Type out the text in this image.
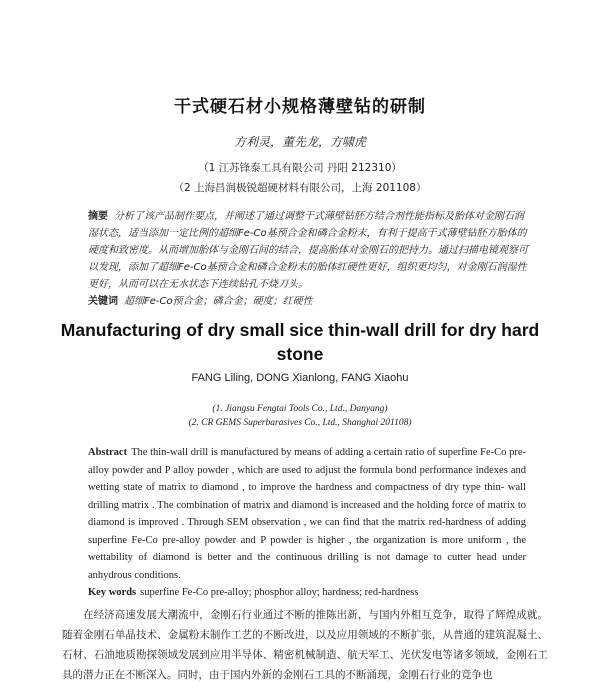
干式硬石材小规格薄壁钻的研制
方利灵，董先龙，方啸虎
（1 江苏锋泰工具有限公司 丹阳 212310）
（2 上海昌润极锐超硬材料有限公司，上海 201108）
摘要 分析了该产品制作要点，并阐述了通过调整干式薄壁钻胚方结合剂性能指标及胎体对金刚石润湿状态，适当添加一定比例的超细Fe-Co基预合金和磷合金粉末，有利于提高干式薄壁钻胚方胎体的硬度和致密度。从而增加胎体与金刚石间的结合，提高胎体对金刚石的把持力。通过扫描电镜观察可以发现，添加了超细Fe-Co基预合金和磷合金粉末的胎体红硬性更好，组织更均匀，对金刚石润湿性更好，从而可以在无水状态下连续钻孔不烧刀头。
关键词 超细Fe-Co预合金；磷合金；硬度；红硬性
Manufacturing of dry small sice thin-wall drill for dry hard stone
FANG Liling, DONG Xianlong, FANG Xiaohu
(1. Jiangsu Fengtai Tools Co., Ltd., Danyang)
(2. CR GEMS Superbarasives Co., Ltd., Shanghai 201108)
Abstract The thin-wall drill is manufactured by means of adding a certain ratio of superfine Fe-Co pre-alloy powder and P alloy powder , which are used to adjust the formula bond performance indexes and wetting state of matrix to diamond , to improve the hardness and compactness of dry type thin- wall drilling matrix . The combination of matrix and diamond is increased and the holding force of matrix to diamond is improved . Through SEM observation , we can find that the matrix red-hardness of adding superfine Fe-Co pre-alloy powder and P powder is higher , the organization is more uniform , the wettability of diamond is better and the continuous drilling is not damage to cutter head under anhydrous conditions.
Key words superfine Fe-Co pre-alloy; phosphor alloy; hardness; red-hardness
在经济高速发展大潮流中，金刚石行业通过不断的推陈出新，与国内外相互竞争，取得了辉煌成就。随着金刚石单晶技术、金属粉末制作工艺的不断改进，以及应用领域的不断扩张，从普通的建筑混凝土、石材、石油地质勘探领域发展到应用半导体、精密机械制造、航天军工、光伏发电等诸多领域，金刚石工具的潜力正在不断深入。同时，由于国内外新的金刚石工具的不断涌现，金刚石行业的竞争也
